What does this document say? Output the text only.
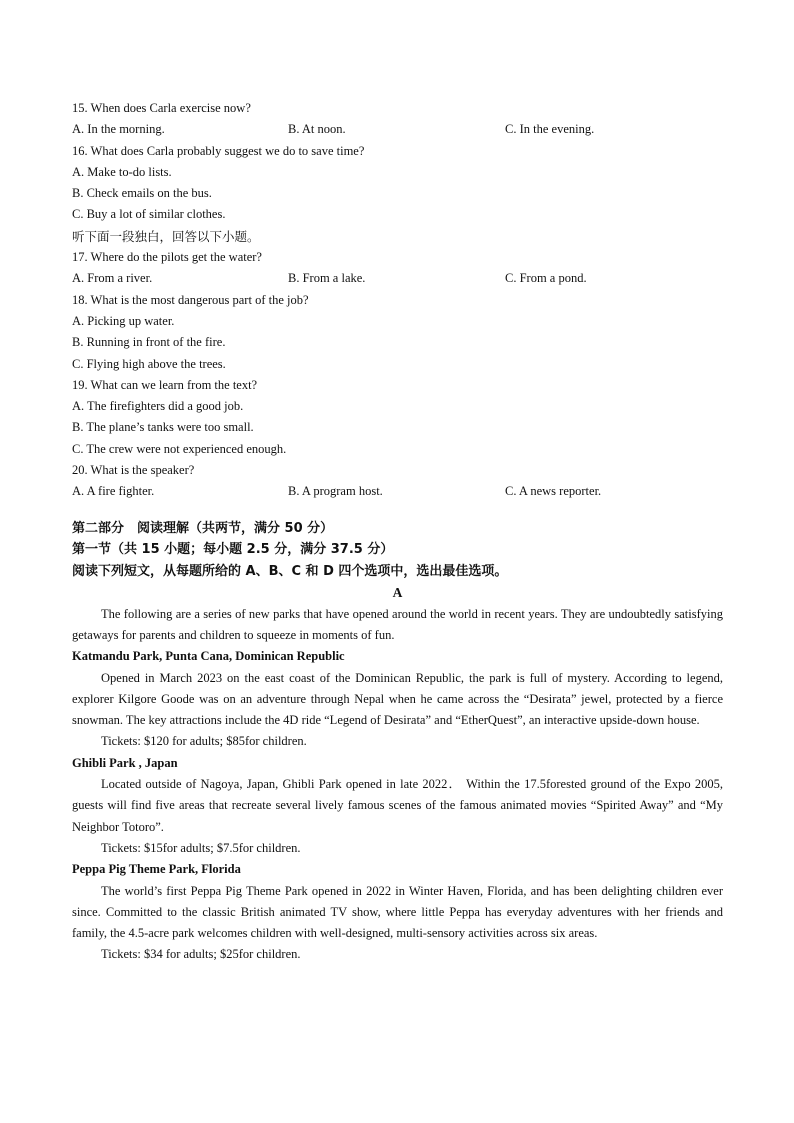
15. When does Carla exercise now?
A. In the morning.	B. At noon.	C. In the evening.
16. What does Carla probably suggest we do to save time?
A. Make to-do lists.
B. Check emails on the bus.
C. Buy a lot of similar clothes.
听下面一段独白，回答以下小题。
17. Where do the pilots get the water?
A. From a river.	B. From a lake.	C. From a pond.
18. What is the most dangerous part of the job?
A. Picking up water.
B. Running in front of the fire.
C. Flying high above the trees.
19. What can we learn from the text?
A. The firefighters did a good job.
B. The plane’s tanks were too small.
C. The crew were not experienced enough.
20. What is the speaker?
A. A fire fighter.	B. A program host.	C. A news reporter.
第二部分　阅读理解（共两节，满分 50 分）
第一节（共 15 小题；每小题 2.5 分，满分 37.5 分）
阅读下列短文，从每题所给的 A、B、C 和 D 四个选项中，选出最佳选项。
A
The following are a series of new parks that have opened around the world in recent years. They are undoubtedly satisfying getaways for parents and children to squeeze in moments of fun.
Katmandu Park, Punta Cana, Dominican Republic
Opened in March 2023 on the east coast of the Dominican Republic, the park is full of mystery. According to legend, explorer Kilgore Goode was on an adventure through Nepal when he came across the “Desirata” jewel, protected by a fierce snowman. The key attractions include the 4D ride “Legend of Desirata” and “EtherQuest”, an interactive upside-down house.
Tickets: $120 for adults; $85for children.
Ghibli Park , Japan
Located outside of Nagoya, Japan, Ghibli Park opened in late 2022． Within the 17.5forested ground of the Expo 2005, guests will find five areas that recreate several lively famous scenes of the famous animated movies “Spirited Away” and “My Neighbor Totoro”.
Tickets: $15for adults; $7.5for children.
Peppa Pig Theme Park, Florida
The world’s first Peppa Pig Theme Park opened in 2022 in Winter Haven, Florida, and has been delighting children ever since. Committed to the classic British animated TV show, where little Peppa has everyday adventures with her friends and family, the 4.5-acre park welcomes children with well-designed, multi-sensory activities across six areas.
Tickets: $34 for adults; $25for children.
